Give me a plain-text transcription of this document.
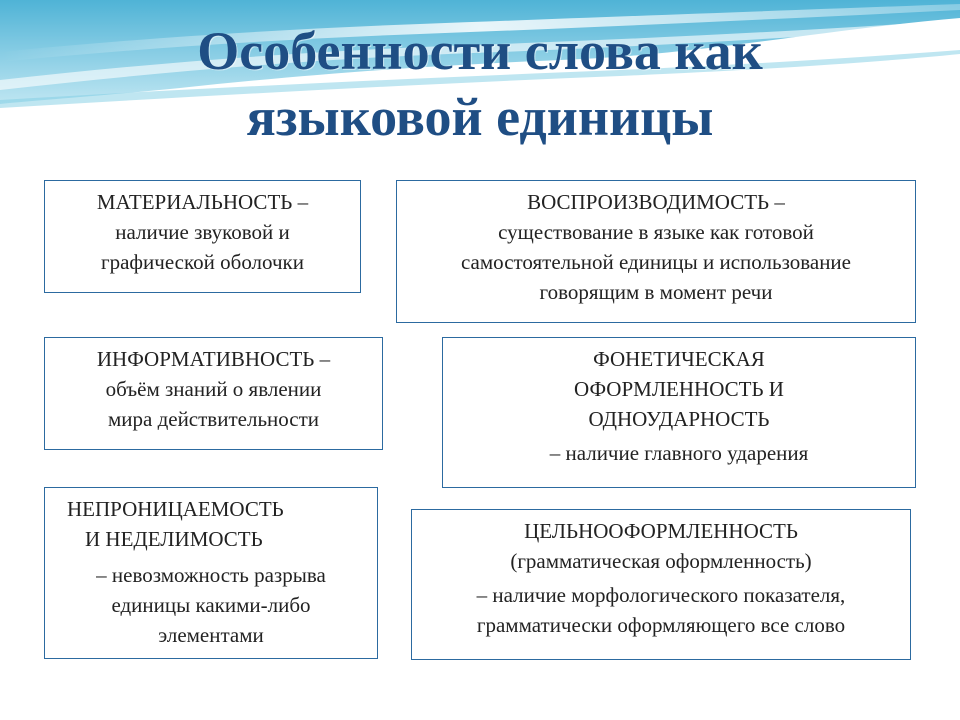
Особенности слова как
языковой единицы
МАТЕРИАЛЬНОСТЬ –
наличие звуковой и
графической оболочки
ВОСПРОИЗВОДИМОСТЬ –
существование в языке как готовой
самостоятельной единицы и использование
говорящим в момент речи
ИНФОРМАТИВНОСТЬ –
объём знаний о явлении
мира действительности
ФОНЕТИЧЕСКАЯ
ОФОРМЛЕННОСТЬ И
ОДНОУДАРНОСТЬ
– наличие главного ударения
НЕПРОНИЦАЕМОСТЬ
И НЕДЕЛИМОСТЬ
– невозможность разрыва
единицы какими-либо
элементами
ЦЕЛЬНООФОРМЛЕННОСТЬ
(грамматическая оформленность)
– наличие морфологического показателя,
грамматически оформляющего все слово
